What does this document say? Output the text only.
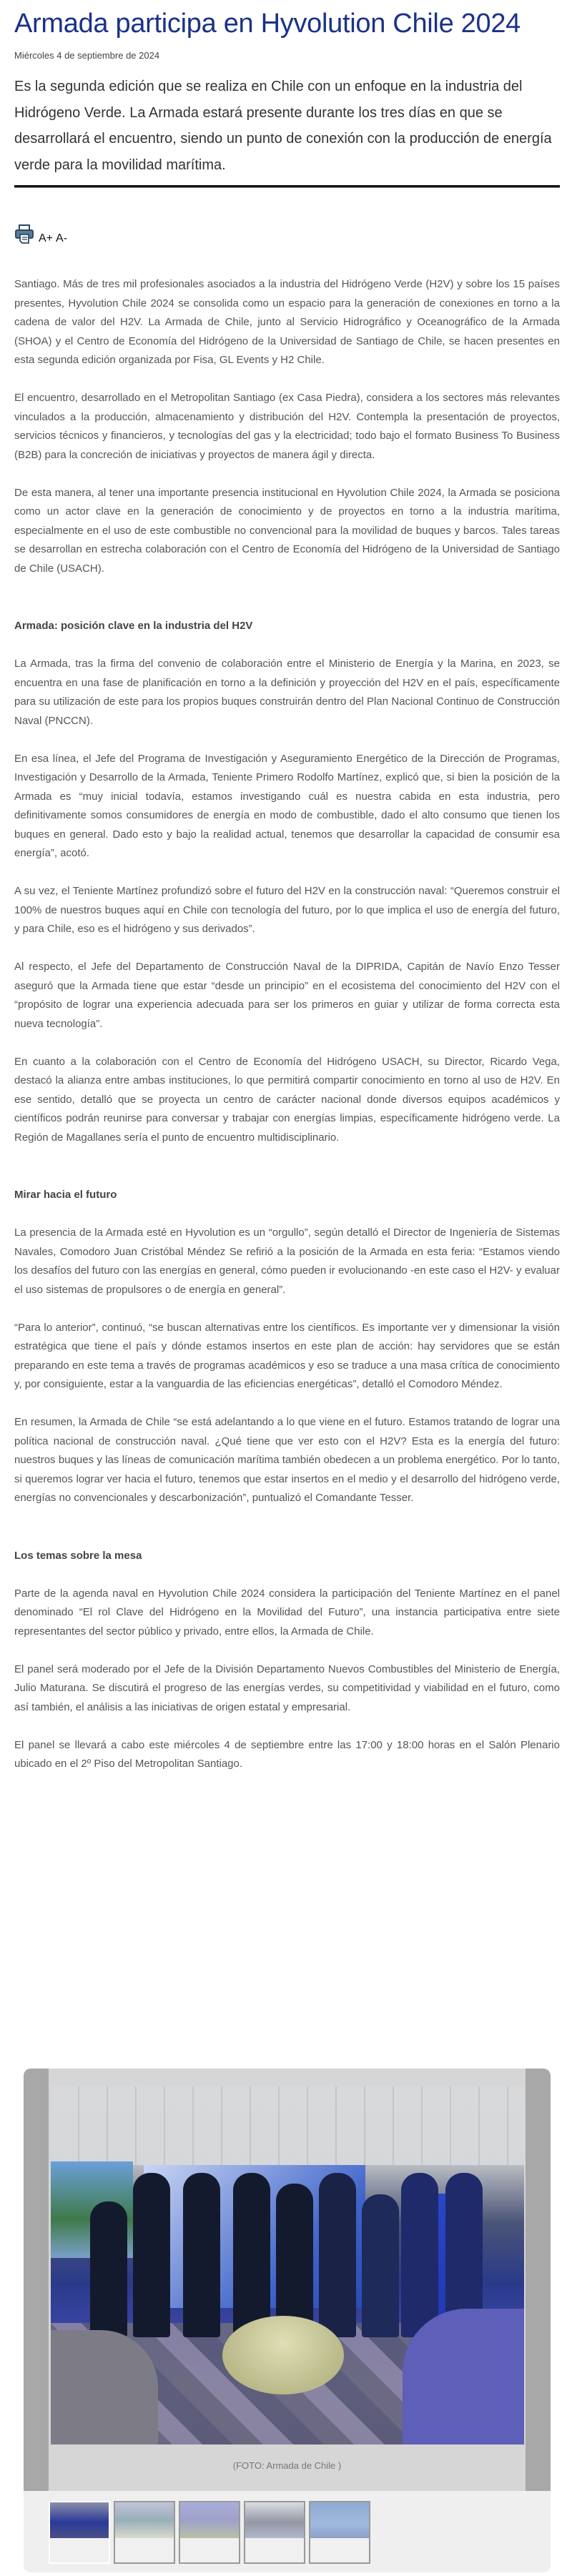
Armada participa en Hyvolution Chile 2024
Miércoles 4 de septiembre de 2024
Es la segunda edición que se realiza en Chile con un enfoque en la industria del Hidrógeno Verde. La Armada estará presente durante los tres días en que se desarrollará el encuentro, siendo un punto de conexión con la producción de energía verde para la movilidad marítima.
A+ A-

Santiago. Más de tres mil profesionales asociados a la industria del Hidrógeno Verde (H2V) y sobre los 15 países presentes, Hyvolution Chile 2024 se consolida como un espacio para la generación de conexiones en torno a la cadena de valor del H2V. La Armada de Chile, junto al Servicio Hidrográfico y Oceanográfico de la Armada (SHOA) y el Centro de Economía del Hidrógeno de la Universidad de Santiago de Chile, se hacen presentes en esta segunda edición organizada por Fisa, GL Events y H2 Chile.

El encuentro, desarrollado en el Metropolitan Santiago (ex Casa Piedra), considera a los sectores más relevantes vinculados a la producción, almacenamiento y distribución del H2V. Contempla la presentación de proyectos, servicios técnicos y financieros, y tecnologías del gas y la electricidad; todo bajo el formato Business To Business (B2B) para la concreción de iniciativas y proyectos de manera ágil y directa.

De esta manera, al tener una importante presencia institucional en Hyvolution Chile 2024, la Armada se posiciona como un actor clave en la generación de conocimiento y de proyectos en torno a la industria marítima, especialmente en el uso de este combustible no convencional para la movilidad de buques y barcos. Tales tareas se desarrollan en estrecha colaboración con el Centro de Economía del Hidrógeno de la Universidad de Santiago de Chile (USACH).

Armada: posición clave en la industria del H2V

La Armada, tras la firma del convenio de colaboración entre el Ministerio de Energía y la Marina, en 2023, se encuentra en una fase de planificación en torno a la definición y proyección del H2V en el país, específicamente para su utilización de este para los propios buques construirán dentro del Plan Nacional Continuo de Construcción Naval (PNCCN).

En esa línea, el Jefe del Programa de Investigación y Aseguramiento Energético de la Dirección de Programas, Investigación y Desarrollo de la Armada, Teniente Primero Rodolfo Martínez, explicó que, si bien la posición de la Armada es “muy inicial todavía, estamos investigando cuál es nuestra cabida en esta industria, pero definitivamente somos consumidores de energía en modo de combustible, dado el alto consumo que tienen los buques en general. Dado esto y bajo la realidad actual, tenemos que desarrollar la capacidad de consumir esa energía”, acotó.

A su vez, el Teniente Martínez profundizó sobre el futuro del H2V en la construcción naval: “Queremos construir el 100% de nuestros buques aquí en Chile con tecnología del futuro, por lo que implica el uso de energía del futuro, y para Chile, eso es el hidrógeno y sus derivados”.

Al respecto, el Jefe del Departamento de Construcción Naval de la DIPRIDA, Capitán de Navío Enzo Tesser aseguró que la Armada tiene que estar “desde un principio” en el ecosistema del conocimiento del H2V con el “propósito de lograr una experiencia adecuada para ser los primeros en guiar y utilizar de forma correcta esta nueva tecnología”.

En cuanto a la colaboración con el Centro de Economía del Hidrógeno USACH, su Director, Ricardo Vega, destacó la alianza entre ambas instituciones, lo que permitirá compartir conocimiento en torno al uso de H2V. En ese sentido, detalló que se proyecta un centro de carácter nacional donde diversos equipos académicos y científicos podrán reunirse para conversar y trabajar con energías limpias, específicamente hidrógeno verde. La Región de Magallanes sería el punto de encuentro multidisciplinario.

Mirar hacia el futuro

La presencia de la Armada esté en Hyvolution es un “orgullo”, según detalló el Director de Ingeniería de Sistemas Navales, Comodoro Juan Cristóbal Méndez Se refirió a la posición de la Armada en esta feria: “Estamos viendo los desafíos del futuro con las energías en general, cómo pueden ir evolucionando -en este caso el H2V- y evaluar el uso sistemas de propulsores o de energía en general”.

“Para lo anterior”, continuó, “se buscan alternativas entre los científicos. Es importante ver y dimensionar la visión estratégica que tiene el país y dónde estamos insertos en este plan de acción: hay servidores que se están preparando en este tema a través de programas académicos y eso se traduce a una masa crítica de conocimiento y, por consiguiente, estar a la vanguardia de las eficiencias energéticas”, detalló el Comodoro Méndez.

En resumen, la Armada de Chile “se está adelantando a lo que viene en el futuro. Estamos tratando de lograr una política nacional de construcción naval. ¿Qué tiene que ver esto con el H2V? Esta es la energía del futuro: nuestros buques y las líneas de comunicación marítima también obedecen a un problema energético. Por lo tanto, si queremos lograr ver hacia el futuro, tenemos que estar insertos en el medio y el desarrollo del hidrógeno verde, energías no convencionales y descarbonización”, puntualizó el Comandante Tesser.

Los temas sobre la mesa

Parte de la agenda naval en Hyvolution Chile 2024 considera la participación del Teniente Martínez en el panel denominado “El rol Clave del Hidrógeno en la Movilidad del Futuro”, una instancia participativa entre siete representantes del sector público y privado, entre ellos, la Armada de Chile.

El panel será moderado por el Jefe de la División Departamento Nuevos Combustibles del Ministerio de Energía, Julio Maturana. Se discutirá el progreso de las energías verdes, su competitividad y viabilidad en el futuro, como así también, el análisis a las iniciativas de origen estatal y empresarial.

El panel se llevará a cabo este miércoles 4 de septiembre entre las 17:00 y 18:00 horas en el Salón Plenario ubicado en el 2º Piso del Metropolitan Santiago.

(FOTO: Armada de Chile )
